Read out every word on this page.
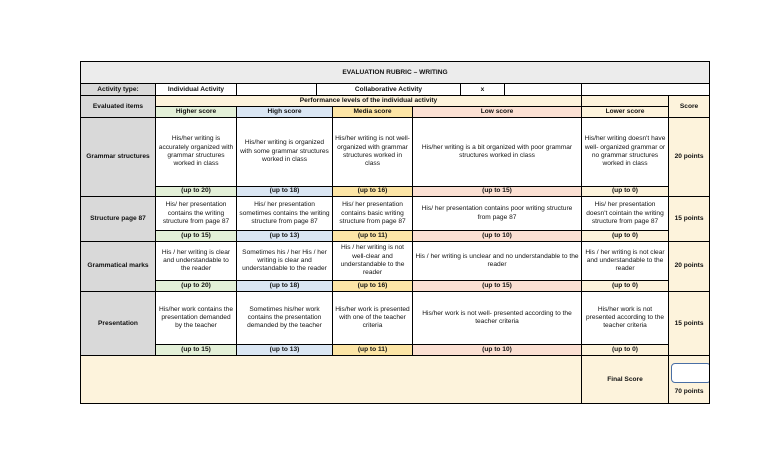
EVALUATION RUBRIC – WRITING									
Activity type:	Individual Activity		Collaborative Activity			x			
Evaluated items	Performance levels of the individual activity								Score
	Higher score	High score		Media score	Low score			Lower score	
Grammar structures	His/her writing is accurately organized with grammar structures worked in class	His/her writing is organized with some grammar structures worked in class		His/her writing is not well-organized with grammar structures worked in class	His/her writing is a bit organized with poor grammar structures worked in class			His/her writing doesn't have well- organized grammar or no grammar structures worked in class	20 points
	(up to 20)	(up to 18)		(up to 16)	(up to 15)			(up to 0)	
Structure page 87	His/ her presentation contains the writing structure from page 87	His/ her presentation sometimes contains the writing structure from page 87		His/ her presentation contains basic writing structure from page 87	His/ her presentation contains poor writing structure from page 87			His/ her presentation doesn't cointain the writing structure from page 87	15 points
	(up to 15)	(up to 13)		(up to 11)	(up to 10)			(up to 0)	
Grammatical marks	His / her writing is clear and understandable to the reader	Sometimes his / her His / her writing is clear and understandable to the reader		His / her writing is not well-clear and understandable to the reader	His / her writing is unclear and no understandable to the reader			His / her writing is not clear and understandable to the reader	20 points
	(up to 20)	(up to 18)		(up to 16)	(up to 15)			(up to 0)	
Presentation	His/her work contains the presentation demanded by the teacher	Sometimes his/her work contains the presentation demanded by the teacher		His/her work is presented with one of the teacher criteria	His/her work is not well- presented according to the teacher criteria			His/her work is not presented according to the teacher criteria	15 points
	(up to 15)	(up to 13)		(up to 11)	(up to 10)			(up to 0)	
								Final Score	70 points
